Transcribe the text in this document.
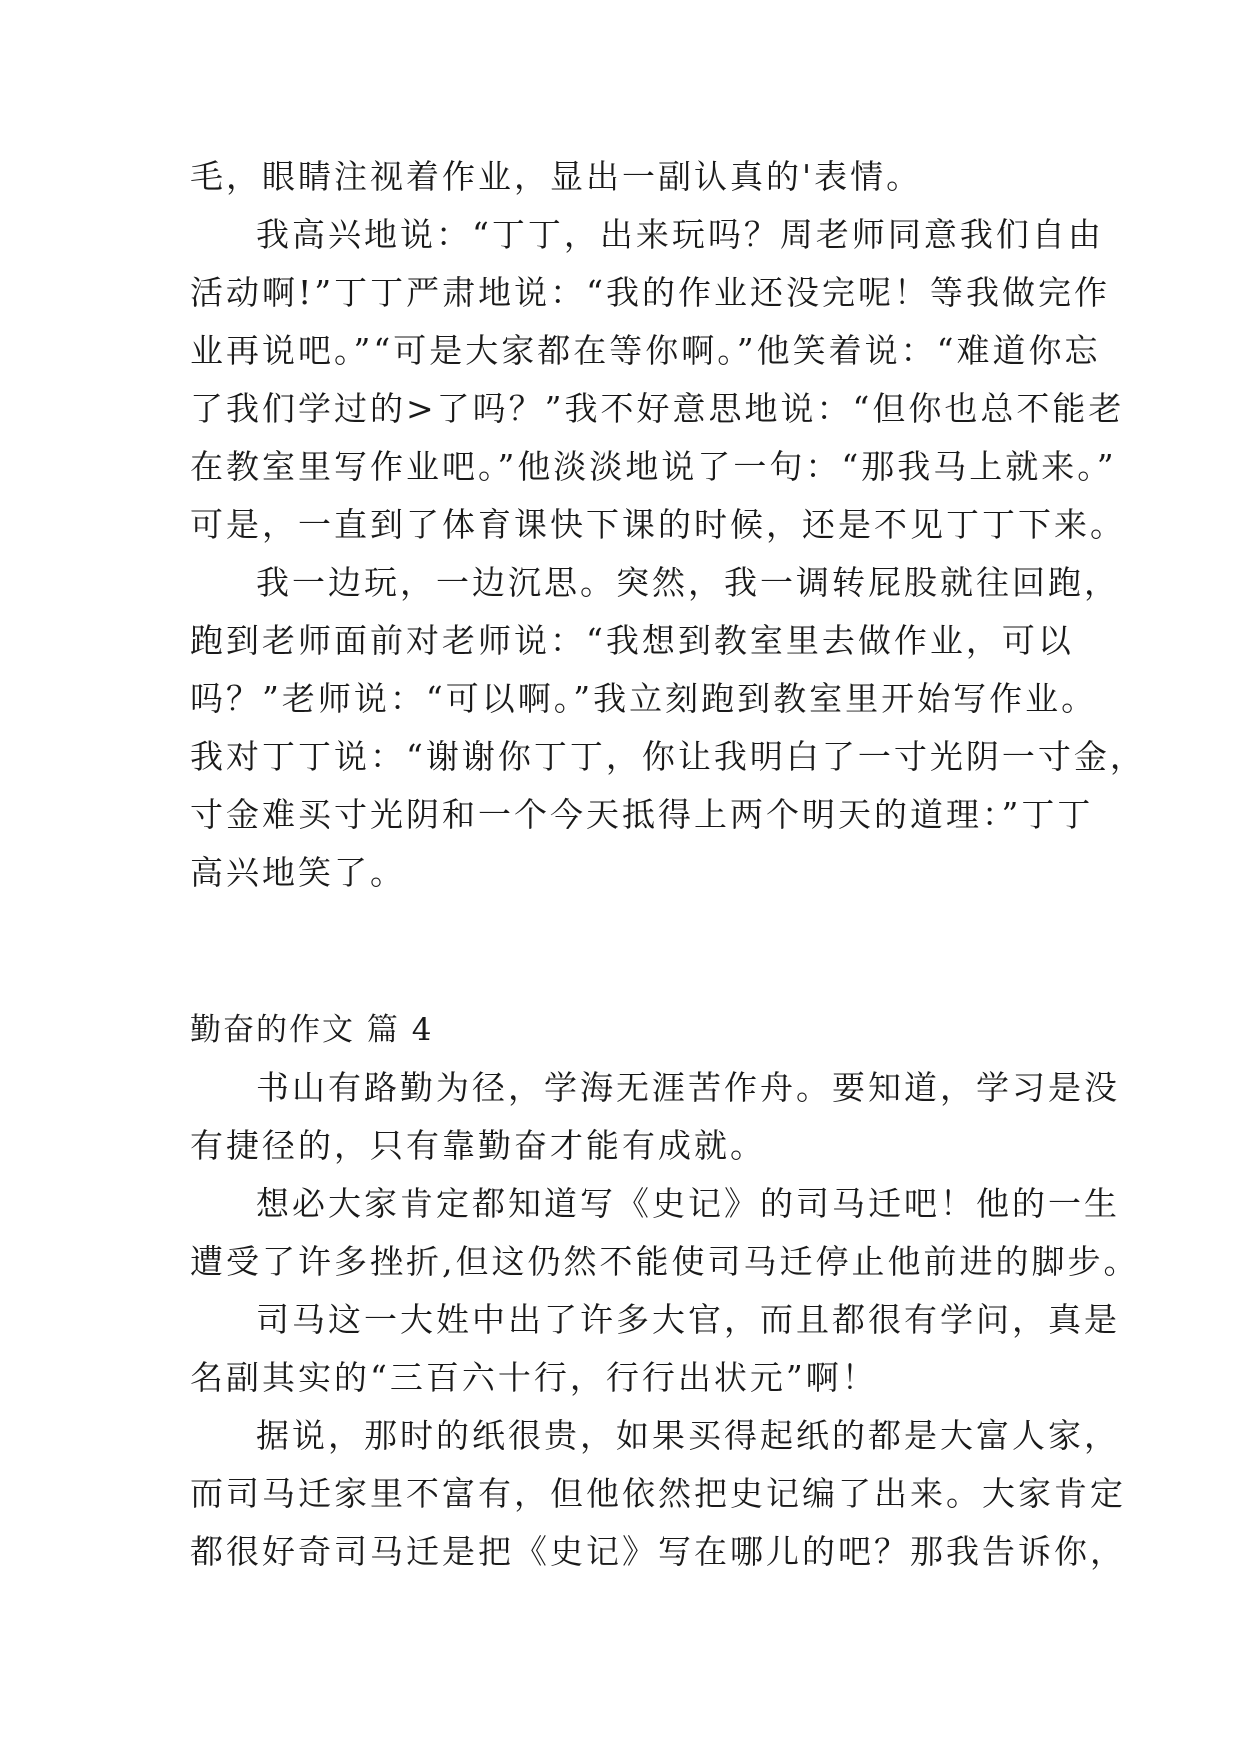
毛，眼睛注视着作业，显出一副认真的'表情。
我高兴地说：“丁丁，出来玩吗？周老师同意我们自由
活动啊!”丁丁严肃地说：“我的作业还没完呢！等我做完作
业再说吧。”“可是大家都在等你啊。”他笑着说：“难道你忘
了我们学过的>了吗？”我不好意思地说：“但你也总不能老
在教室里写作业吧。”他淡淡地说了一句：“那我马上就来。”
可是，一直到了体育课快下课的时候，还是不见丁丁下来。
我一边玩，一边沉思。突然，我一调转屁股就往回跑，
跑到老师面前对老师说：“我想到教室里去做作业，可以
吗？”老师说：“可以啊。”我立刻跑到教室里开始写作业。
我对丁丁说：“谢谢你丁丁，你让我明白了一寸光阴一寸金，
寸金难买寸光阴和一个今天抵得上两个明天的道理：”丁丁
高兴地笑了。
勤奋的作文 篇 4
书山有路勤为径，学海无涯苦作舟。要知道，学习是没
有捷径的，只有靠勤奋才能有成就。
想必大家肯定都知道写《史记》的司马迁吧！他的一生
遭受了许多挫折,但这仍然不能使司马迁停止他前进的脚步。
司马这一大姓中出了许多大官，而且都很有学问，真是
名副其实的“三百六十行，行行出状元”啊！
据说，那时的纸很贵，如果买得起纸的都是大富人家，
而司马迁家里不富有，但他依然把史记编了出来。大家肯定
都很好奇司马迁是把《史记》写在哪儿的吧？那我告诉你，
